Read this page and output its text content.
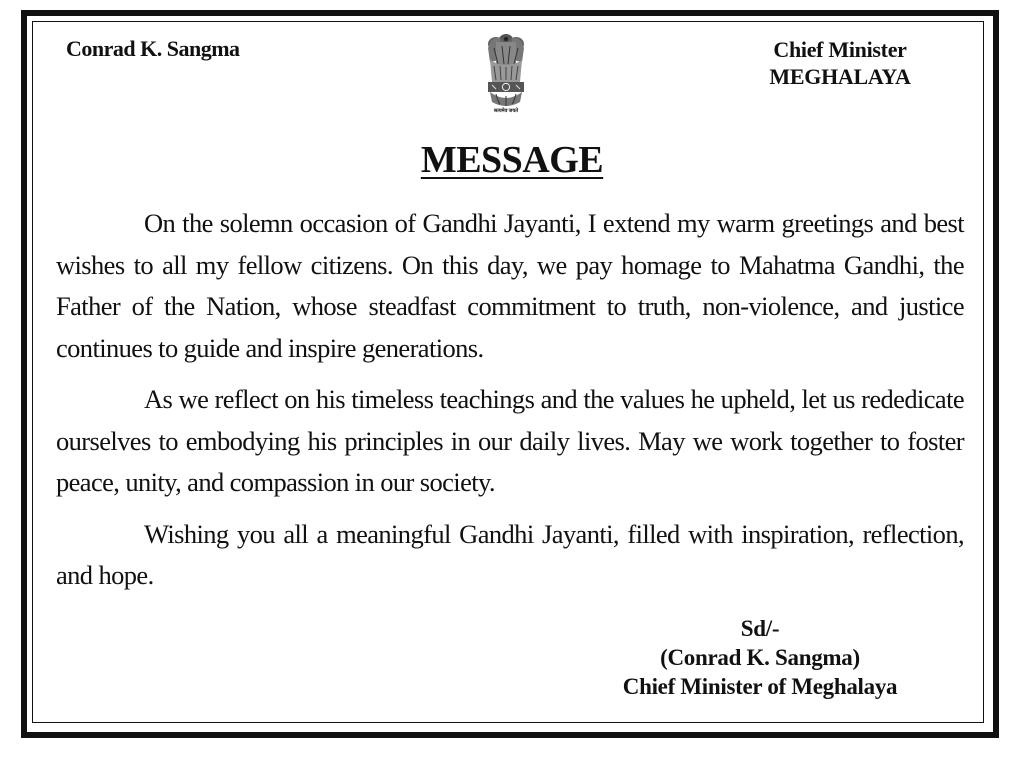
Conrad K. Sangma	Chief Minister
MEGHALAYA
सत्यमेव जयते
MESSAGE

On the solemn occasion of Gandhi Jayanti, I extend my warm greetings and best wishes to all my fellow citizens. On this day, we pay homage to Mahatma Gandhi, the Father of the Nation, whose steadfast commitment to truth, non-violence, and justice continues to guide and inspire generations.

As we reflect on his timeless teachings and the values he upheld, let us rededicate ourselves to embodying his principles in our daily lives. May we work together to foster peace, unity, and compassion in our society.

Wishing you all a meaningful Gandhi Jayanti, filled with inspiration, reflection, and hope.

Sd/-
(Conrad K. Sangma)
Chief Minister of Meghalaya
